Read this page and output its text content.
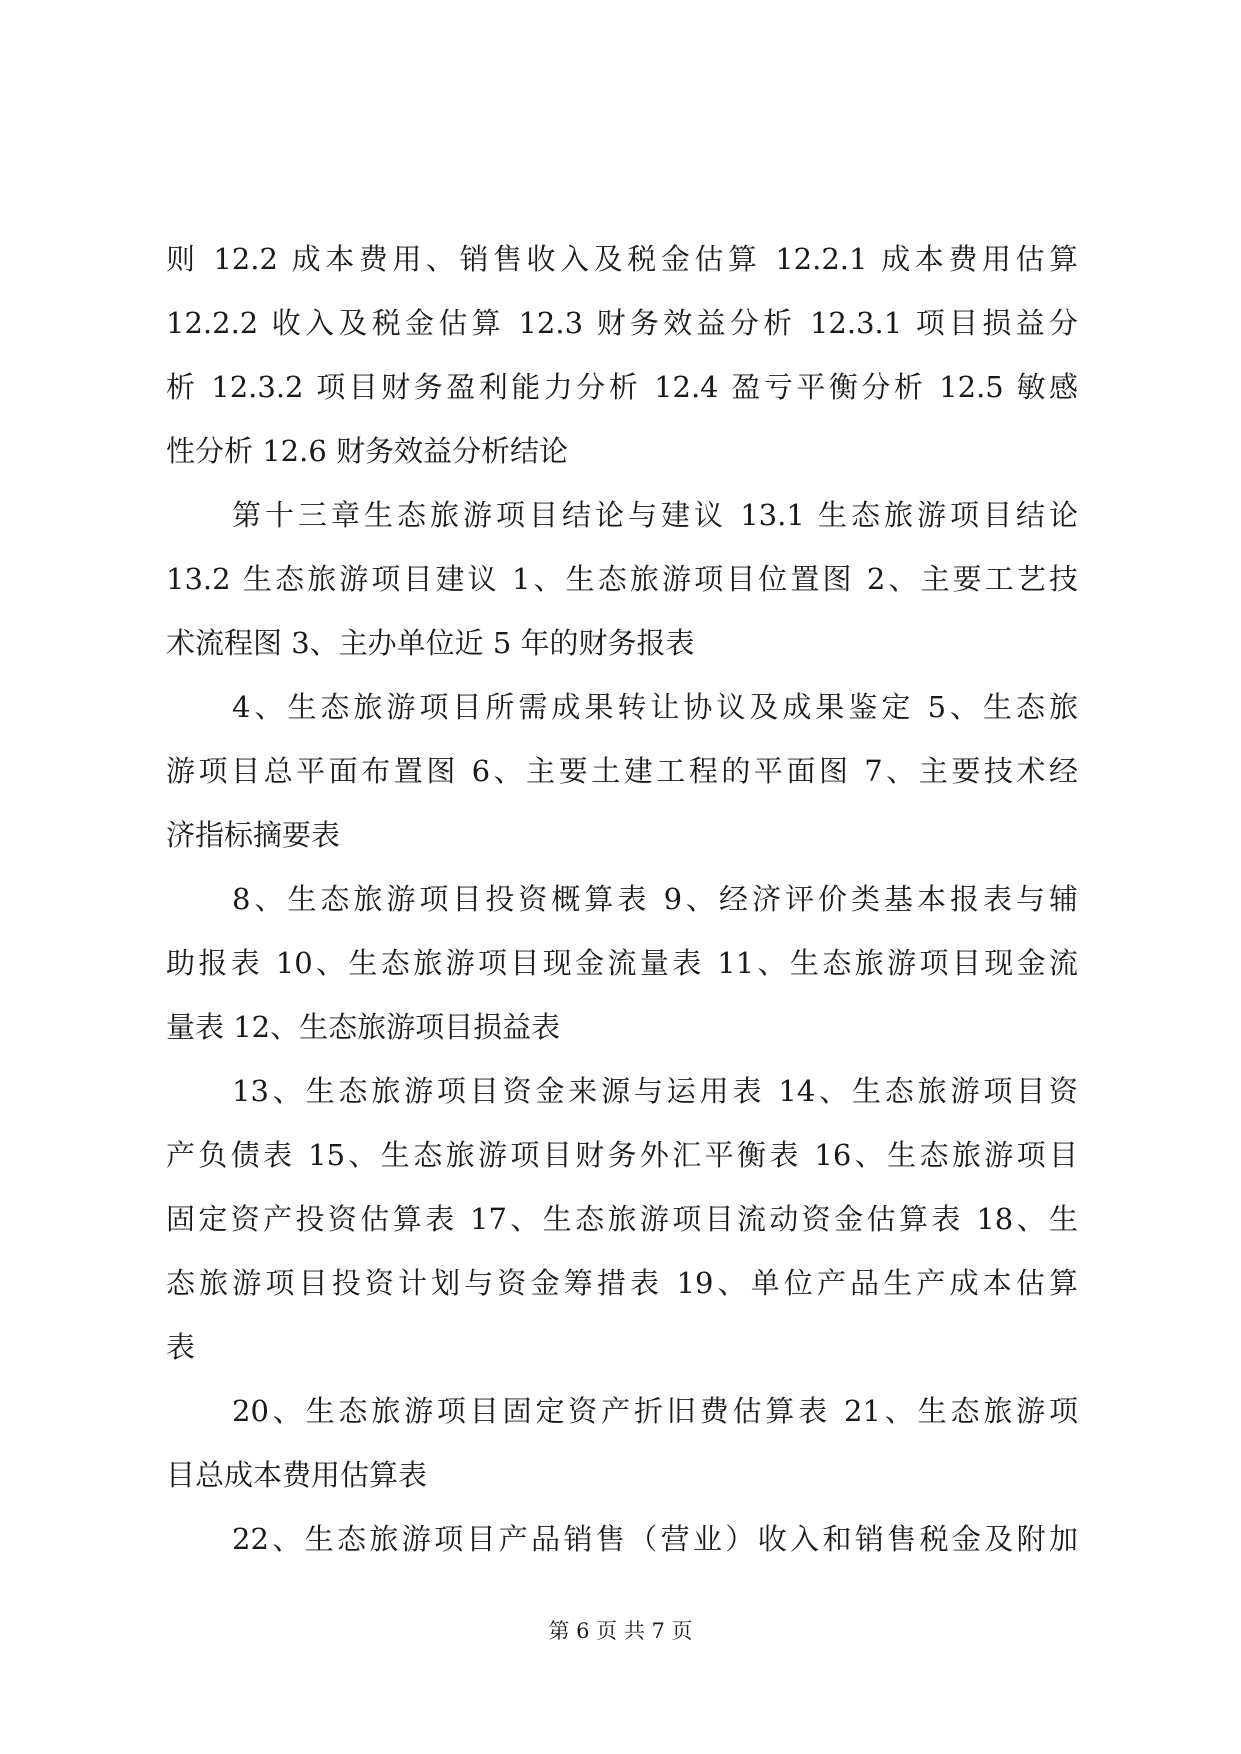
则 12.2 成本费用、销售收入及税金估算 12.2.1 成本费用估算
12.2.2 收入及税金估算 12.3 财务效益分析 12.3.1 项目损益分
析 12.3.2 项目财务盈利能力分析 12.4 盈亏平衡分析 12.5 敏感
性分析 12.6 财务效益分析结论
第十三章生态旅游项目结论与建议 13.1 生态旅游项目结论
13.2 生态旅游项目建议 1、生态旅游项目位置图 2、主要工艺技
术流程图 3、主办单位近 5 年的财务报表
4、生态旅游项目所需成果转让协议及成果鉴定 5、生态旅
游项目总平面布置图 6、主要土建工程的平面图 7、主要技术经
济指标摘要表
8、生态旅游项目投资概算表 9、经济评价类基本报表与辅
助报表 10、生态旅游项目现金流量表 11、生态旅游项目现金流
量表 12、生态旅游项目损益表
13、生态旅游项目资金来源与运用表 14、生态旅游项目资
产负债表 15、生态旅游项目财务外汇平衡表 16、生态旅游项目
固定资产投资估算表 17、生态旅游项目流动资金估算表 18、生
态旅游项目投资计划与资金筹措表 19、单位产品生产成本估算
表
20、生态旅游项目固定资产折旧费估算表 21、生态旅游项
目总成本费用估算表
22、生态旅游项目产品销售（营业）收入和销售税金及附加
第 6 页 共 7 页
